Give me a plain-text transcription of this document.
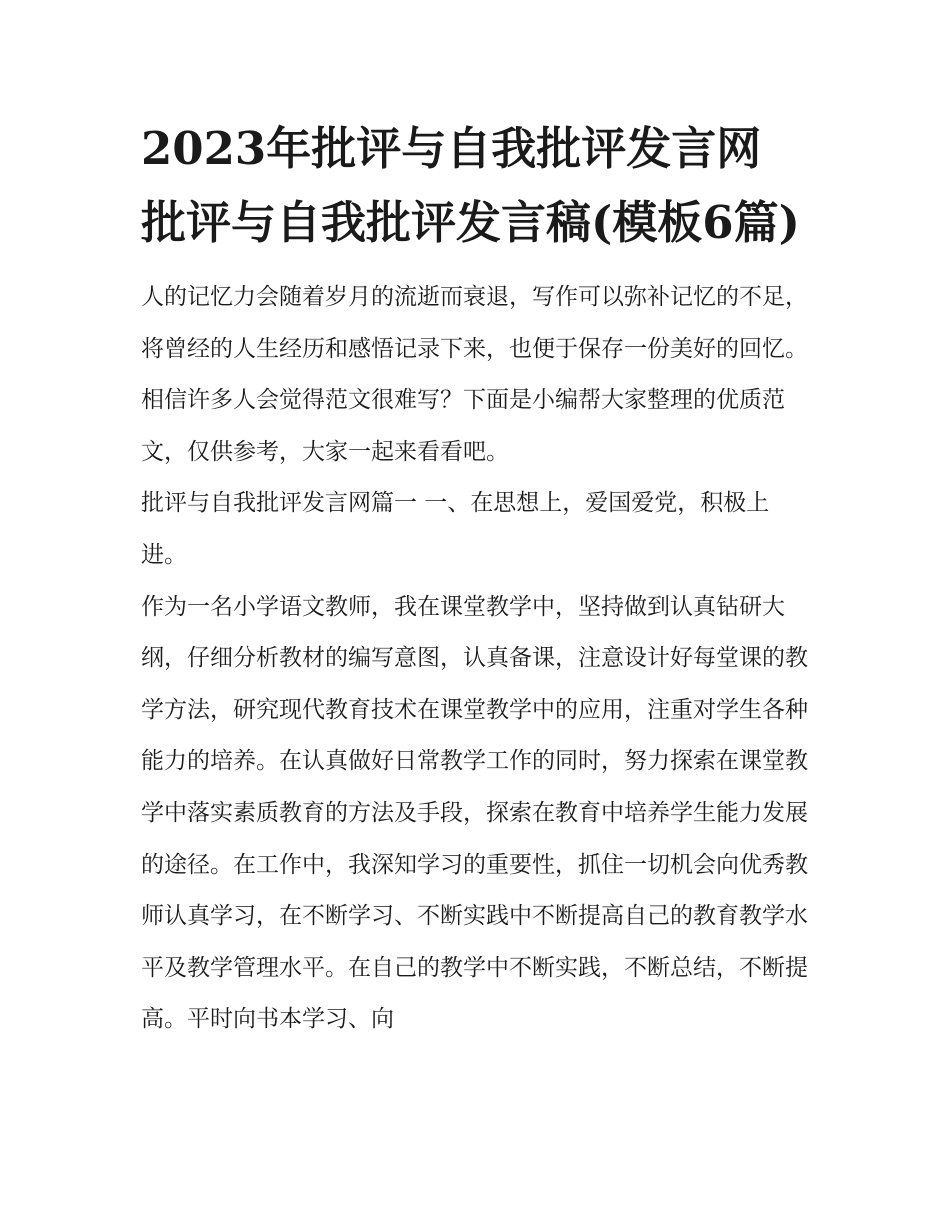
2023年批评与自我批评发言网 批评与自我批评发言稿(模板6篇)

人的记忆力会随着岁月的流逝而衰退，写作可以弥补记忆的不足，将曾经的人生经历和感悟记录下来，也便于保存一份美好的回忆。相信许多人会觉得范文很难写？下面是小编帮大家整理的优质范文，仅供参考，大家一起来看看吧。

批评与自我批评发言网篇一 一、在思想上，爱国爱党，积极上进。

作为一名小学语文教师，我在课堂教学中，坚持做到认真钻研大纲，仔细分析教材的编写意图，认真备课，注意设计好每堂课的教学方法，研究现代教育技术在课堂教学中的应用，注重对学生各种能力的培养。在认真做好日常教学工作的同时，努力探索在课堂教学中落实素质教育的方法及手段，探索在教育中培养学生能力发展的途径。在工作中，我深知学习的重要性，抓住一切机会向优秀教师认真学习，在不断学习、不断实践中不断提高自己的教育教学水平及教学管理水平。在自己的教学中不断实践，不断总结，不断提高。平时向书本学习、向
